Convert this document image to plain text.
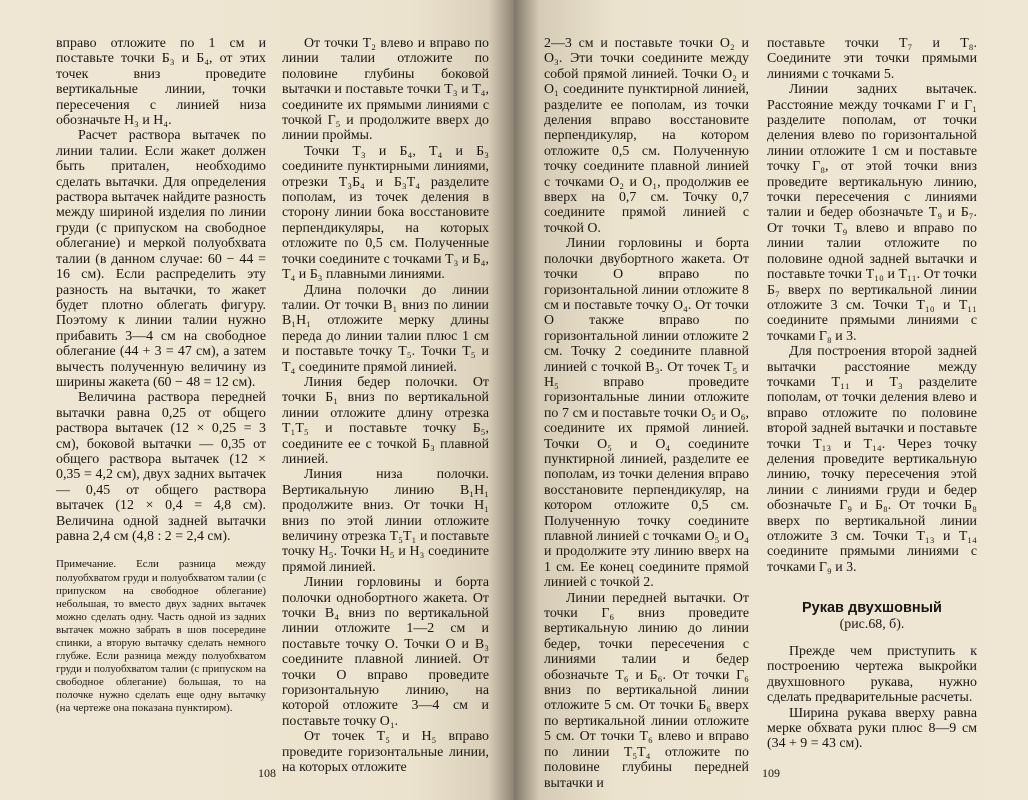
вправо отложите по 1 см и поставьте точки Б₃ и Б₄, от этих точек вниз проведите вертикальные линии, точки пересечения с линией низа обозначьте Н₃ и Н₄.

Расчет раствора вытачек по линии талии. Если жакет должен быть притален, необходимо сделать вытачки. Для определения раствора вытачек найдите разность между шириной изделия по линии груди (с припуском на свободное облегание) и меркой полуобхвата талии (в данном случае: 60 − 44 = 16 см). Если распределить эту разность на вытачки, то жакет будет плотно облегать фигуру. Поэтому к линии талии нужно прибавить 3—4 см на свободное облегание (44 + 3 = 47 см), а затем вычесть полученную величину из ширины жакета (60 − 48 = 12 см).

Величина раствора передней вытачки равна 0,25 от общего раствора вытачек (12 × 0,25 = 3 см), боковой вытачки — 0,35 от общего раствора вытачек (12 × 0,35 = 4,2 см), двух задних вытачек — 0,45 от общего раствора вытачек (12 × 0,4 = 4,8 см). Величина одной задней вытачки равна 2,4 см (4,8 : 2 = 2,4 см).

Примечание. Если разница между полуобхватом груди и полуобхватом талии (с припуском на свободное облегание) небольшая, то вместо двух задних вытачек можно сделать одну. Часть одной из задних вытачек можно забрать в шов посередине спинки, а вторую вытачку сделать немного глубже. Если разница между полуобхватом груди и полуобхватом талии (с припуском на свободное облегание) большая, то на полочке нужно сделать еще одну вытачку (на чертеже она показана пунктиром).

От точки Т₂ влево и вправо по линии талии отложите по половине глубины боковой вытачки и поставьте точки Т₃ и Т₄, соедините их прямыми линиями с точкой Г₅ и продолжите вверх до линии проймы.

Точки Т₃ и Б₄, Т₄ и Б₃ соедините пунктирными линиями, отрезки Т₃Б₄ и Б₃Т₄ разделите пополам, из точек деления в сторону линии бока восстановите перпендикуляры, на которых отложите по 0,5 см. Полученные точки соедините с точками Т₃ и Б₄, Т₄ и Б₃ плавными линиями.

Длина полочки до линии талии. От точки В₁ вниз по линии В₁Н₁ отложите мерку длины переда до линии талии плюс 1 см и поставьте точку Т₅. Точки Т₅ и Т₄ соедините прямой линией.

Линия бедер полочки. От точки Б₁ вниз по вертикальной линии отложите длину отрезка Т₁Т₅ и поставьте точку Б₅, соедините ее с точкой Б₃ плавной линией.

Линия низа полочки. Вертикальную линию В₁Н₁ продолжите вниз. От точки Н₁ вниз по этой линии отложите величину отрезка Т₅Т₁ и поставьте точку Н₅. Точки Н₅ и Н₃ соедините прямой линией.

Линии горловины и борта полочки однобортного жакета. От точки В₄ вниз по вертикальной линии отложите 1—2 см и поставьте точку О. Точки О и В₃ соедините плавной линией. От точки О вправо проведите горизонтальную линию, на которой отложите 3—4 см и поставьте точку О₁.

От точек Т₅ и Н₅ вправо проведите горизонтальные линии, на которых отложите

108

2—3 см и поставьте точки О₂ и О₃. Эти точки соедините между собой прямой линией. Точки О₂ и О₁ соедините пунктирной линией, разделите ее пополам, из точки деления вправо восстановите перпендикуляр, на котором отложите 0,5 см. Полученную точку соедините плавной линией с точками О₂ и О₁, продолжив ее вверх на 0,7 см. Точку 0,7 соедините прямой линией с точкой О.

Линии горловины и борта полочки двубортного жакета. От точки О вправо по горизонтальной линии отложите 8 см и поставьте точку О₄. От точки О также вправо по горизонтальной линии отложите 2 см. Точку 2 соедините плавной линией с точкой В₃. От точек Т₅ и Н₅ вправо проведите горизонтальные линии отложите по 7 см и поставьте точки О₅ и О₆, соедините их прямой линией. Точки О₅ и О₄ соедините пунктирной линией, разделите ее пополам, из точки деления вправо восстановите перпендикуляр, на котором отложите 0,5 см. Полученную точку соедините плавной линией с точками О₅ и О₄ и продолжите эту линию вверх на 1 см. Ее конец соедините прямой линией с точкой 2.

Линии передней вытачки. От точки Г₆ вниз проведите вертикальную линию до линии бедер, точки пересечения с линиями талии и бедер обозначьте Т₆ и Б₆. От точки Г₆ вниз по вертикальной линии отложите 5 см. От точки Б₆ вверх по вертикальной линии отложите 5 см. От точки Т₆ влево и вправо по линии Т₅Т₄ отложите по половине глубины передней вытачки и

поставьте точки Т₇ и Т₈. Соедините эти точки прямыми линиями с точками 5.

Линии задних вытачек. Расстояние между точками Г и Г₁ разделите пополам, от точки деления влево по горизонтальной линии отложите 1 см и поставьте точку Г₈, от этой точки вниз проведите вертикальную линию, точки пересечения с линиями талии и бедер обозначьте Т₉ и Б₇. От точки Т₉ влево и вправо по линии талии отложите по половине одной задней вытачки и поставьте точки Т₁₀ и Т₁₁. От точки Б₇ вверх по вертикальной линии отложите 3 см. Точки Т₁₀ и Т₁₁ соедините прямыми линиями с точками Г₈ и 3.

Для построения второй задней вытачки расстояние между точками Т₁₁ и Т₃ разделите пополам, от точки деления влево и вправо отложите по половине второй задней вытачки и поставьте точки Т₁₃ и Т₁₄. Через точку деления проведите вертикальную линию, точку пересечения этой линии с линиями груди и бедер обозначьте Г₉ и Б₈. От точки Б₈ вверх по вертикальной линии отложите 3 см. Точки Т₁₃ и Т₁₄ соедините прямыми линиями с точками Г₉ и 3.

Рукав двухшовный

(рис.68, б).

Прежде чем приступить к построению чертежа выкройки двухшовного рукава, нужно сделать предварительные расчеты.

Ширина рукава вверху равна мерке обхвата руки плюс 8—9 см (34 + 9 = 43 см).

109
